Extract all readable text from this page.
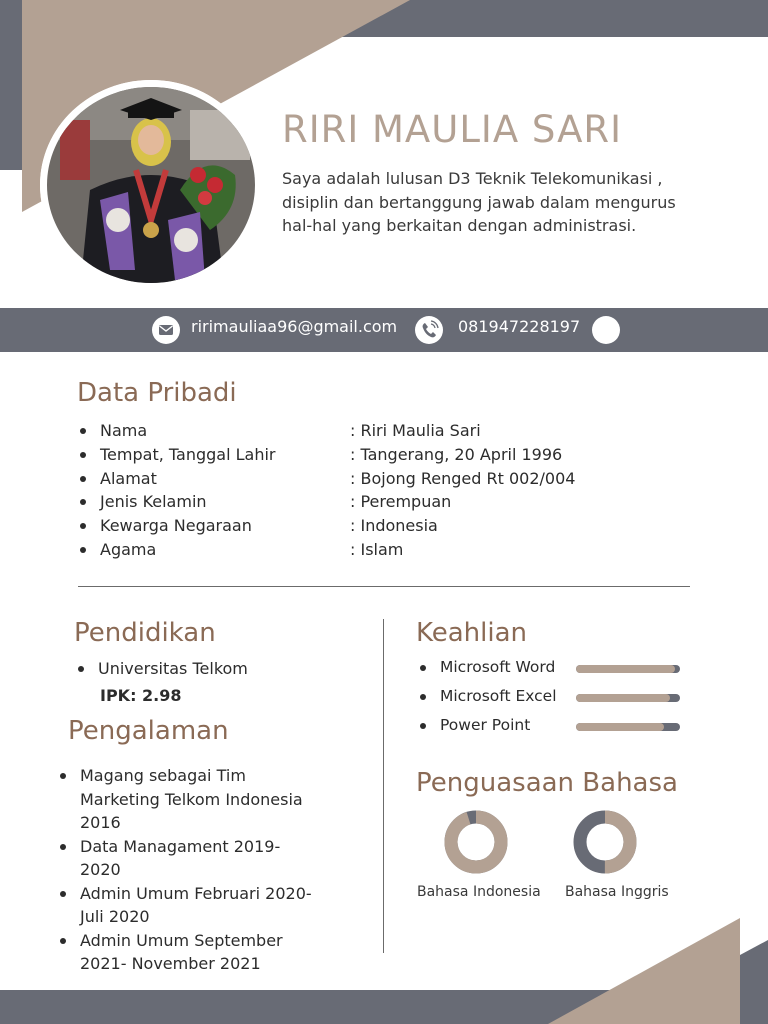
RIRI MAULIA SARI
Saya adalah lulusan D3 Teknik Telekomunikasi , disiplin dan bertanggung jawab dalam mengurus hal-hal yang berkaitan dengan administrasi.
ririmauliaa96@gmail.com	081947228197
Data Pribadi
Nama	: Riri Maulia Sari
Tempat, Tanggal Lahir	: Tangerang, 20 April 1996
Alamat	: Bojong Renged Rt 002/004
Jenis Kelamin	: Perempuan
Kewarga Negaraan	: Indonesia
Agama	: Islam
Pendidikan
Universitas Telkom
IPK: 2.98
Pengalaman
Magang sebagai Tim Marketing Telkom Indonesia 2016
Data Managament 2019-2020
Admin Umum Februari 2020-Juli 2020
Admin Umum September 2021- November 2021
Keahlian
Microsoft Word
Microsoft Excel
Power Point
Penguasaan Bahasa
Bahasa Indonesia Bahasa Inggris
